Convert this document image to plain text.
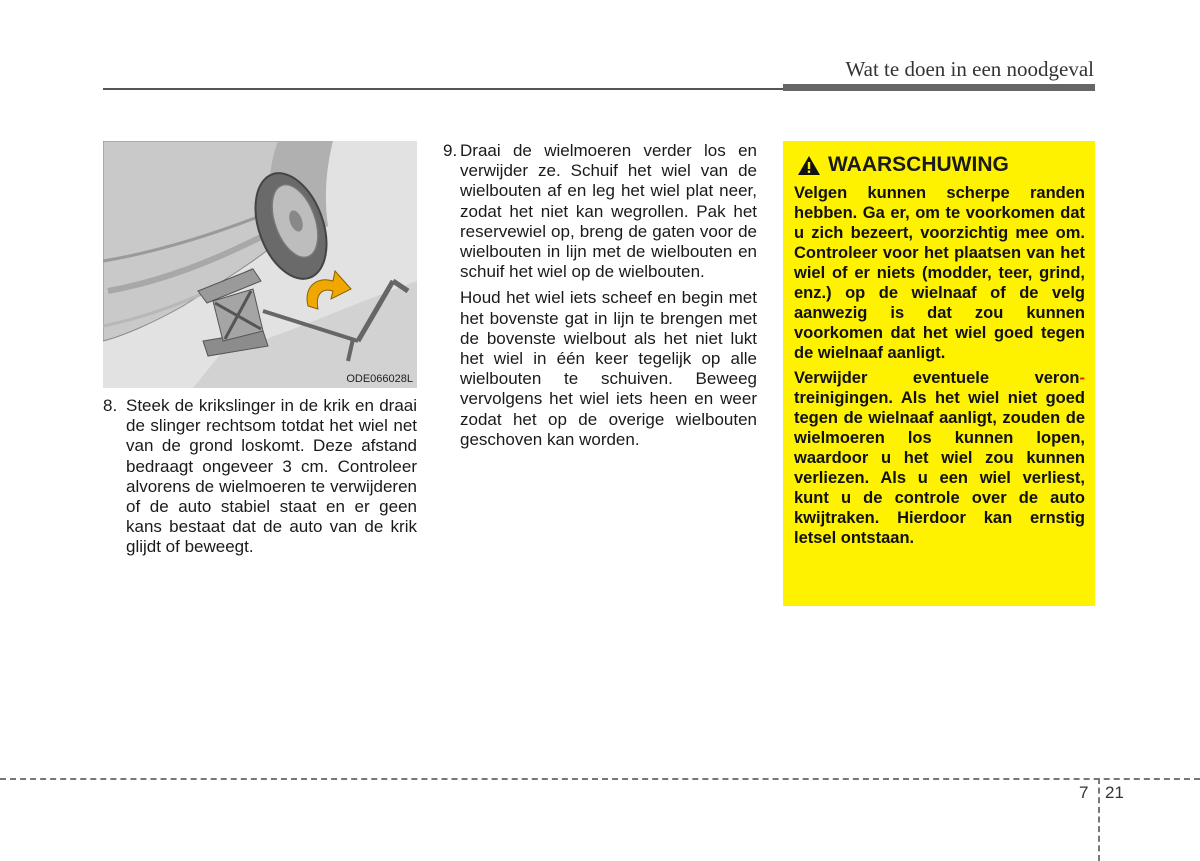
Wat te doen in een noodgeval
ODE066028L
8. Steek de krikslinger in de krik en draai de slinger rechtsom totdat het wiel net van de grond loskomt. Deze afstand bedraagt ongeveer 3 cm. Controleer alvorens de wielmoeren te verwijderen of de auto stabiel staat en er geen kans bestaat dat de auto van de krik glijdt of beweegt.
9. Draai de wielmoeren verder los en verwijder ze. Schuif het wiel van de wielbouten af en leg het wiel plat neer, zodat het niet kan wegrollen. Pak het reservewiel op, breng de gaten voor de wielbouten in lijn met de wielbouten en schuif het wiel op de wielbouten.
Houd het wiel iets scheef en begin met het bovenste gat in lijn te brengen met de bovenste wielbout als het niet lukt het wiel in één keer tegelijk op alle wielbouten te schuiven. Beweeg vervolgens het wiel iets heen en weer zodat het op de overige wielbouten geschoven kan worden.
WAARSCHUWING

Velgen kunnen scherpe randen hebben. Ga er, om te voorkomen dat u zich bezeert, voorzichtig mee om. Controleer voor het plaatsen van het wiel of er niets (modder, teer, grind, enz.) op de wielnaaf of de velg aanwezig is dat zou kunnen voorkomen dat het wiel goed tegen de wielnaaf aanligt.

Verwijder eventuele veron- treinigingen. Als het wiel niet goed tegen de wielnaaf aanligt, zouden de wielmoeren los kunnen lopen, waardoor u het wiel zou kunnen verliezen. Als u een wiel verliest, kunt u de controle over de auto kwijtraken. Hierdoor kan ernstig letsel ontstaan.

7 21
